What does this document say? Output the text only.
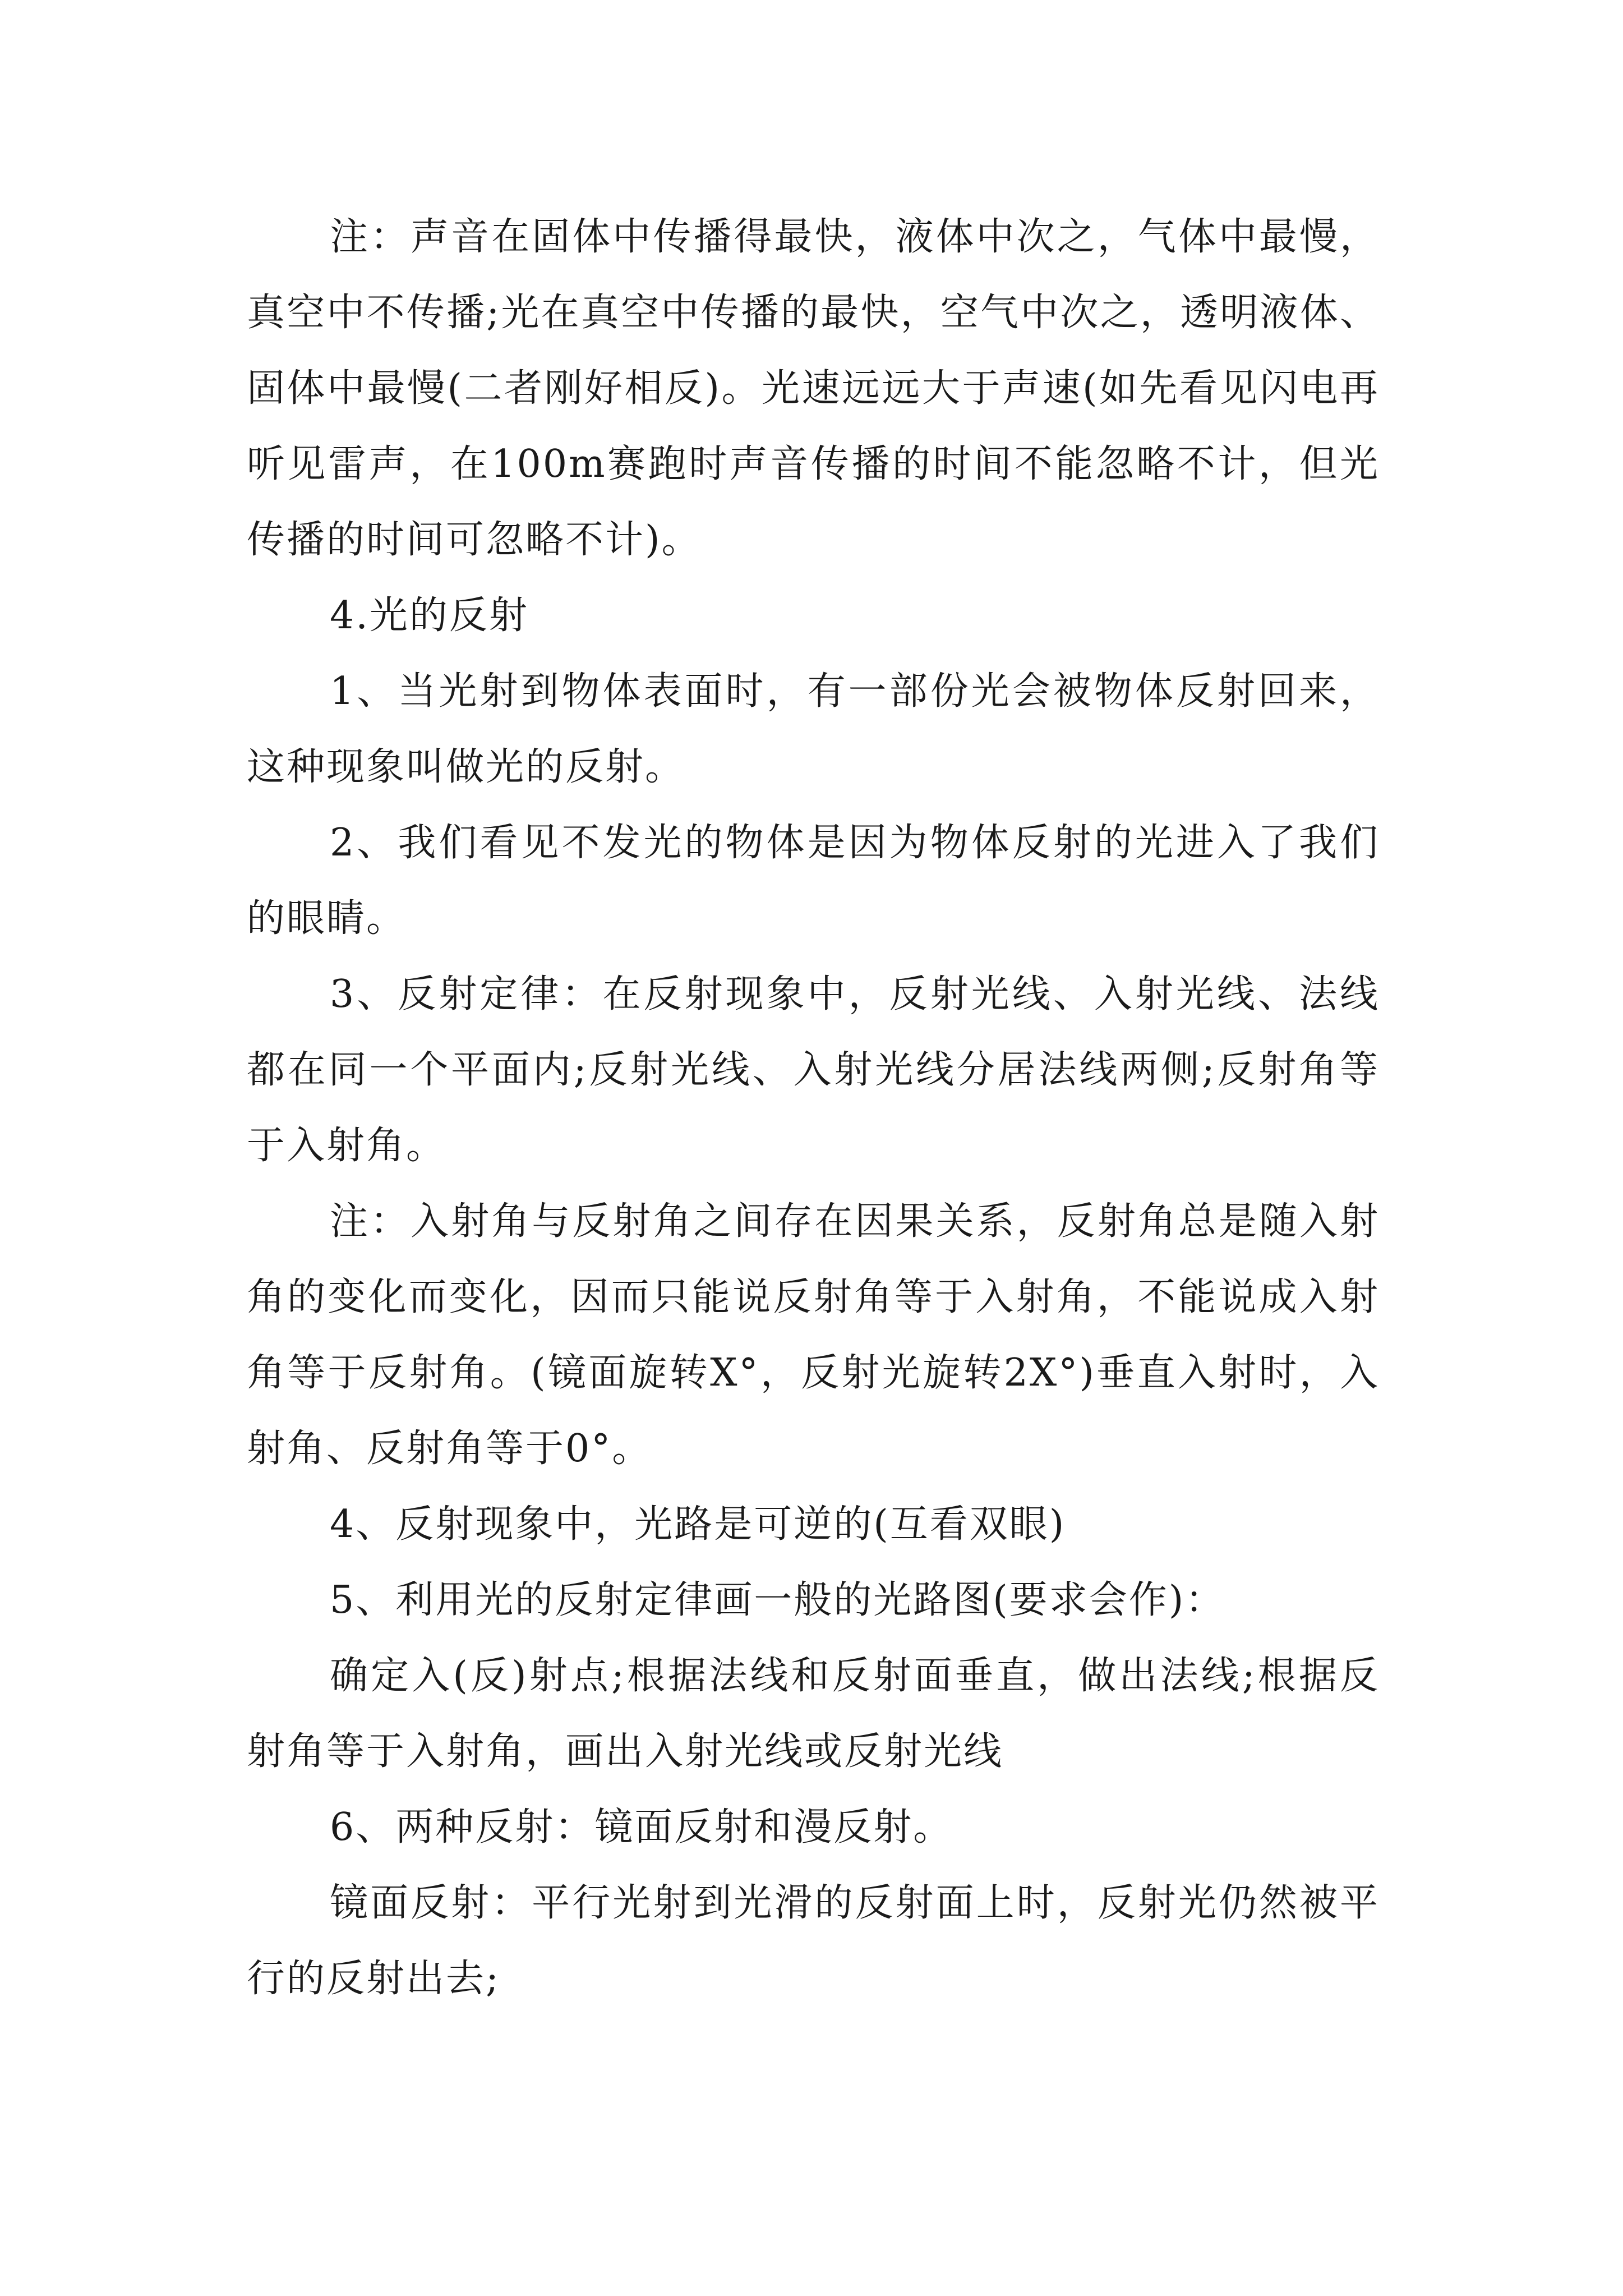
注：声音在固体中传播得最快，液体中次之，气体中最慢，真空中不传播;光在真空中传播的最快，空气中次之，透明液体、固体中最慢(二者刚好相反)。光速远远大于声速(如先看见闪电再听见雷声，在100m赛跑时声音传播的时间不能忽略不计，但光传播的时间可忽略不计)。

4.光的反射

1、当光射到物体表面时，有一部份光会被物体反射回来，这种现象叫做光的反射。

2、我们看见不发光的物体是因为物体反射的光进入了我们的眼睛。

3、反射定律：在反射现象中，反射光线、入射光线、法线都在同一个平面内;反射光线、入射光线分居法线两侧;反射角等于入射角。

注：入射角与反射角之间存在因果关系，反射角总是随入射角的变化而变化，因而只能说反射角等于入射角，不能说成入射角等于反射角。(镜面旋转X°，反射光旋转2X°)垂直入射时，入射角、反射角等于0°。

4、反射现象中，光路是可逆的(互看双眼)

5、利用光的反射定律画一般的光路图(要求会作)：

确定入(反)射点;根据法线和反射面垂直，做出法线;根据反射角等于入射角，画出入射光线或反射光线

6、两种反射：镜面反射和漫反射。

镜面反射：平行光射到光滑的反射面上时，反射光仍然被平行的反射出去;
